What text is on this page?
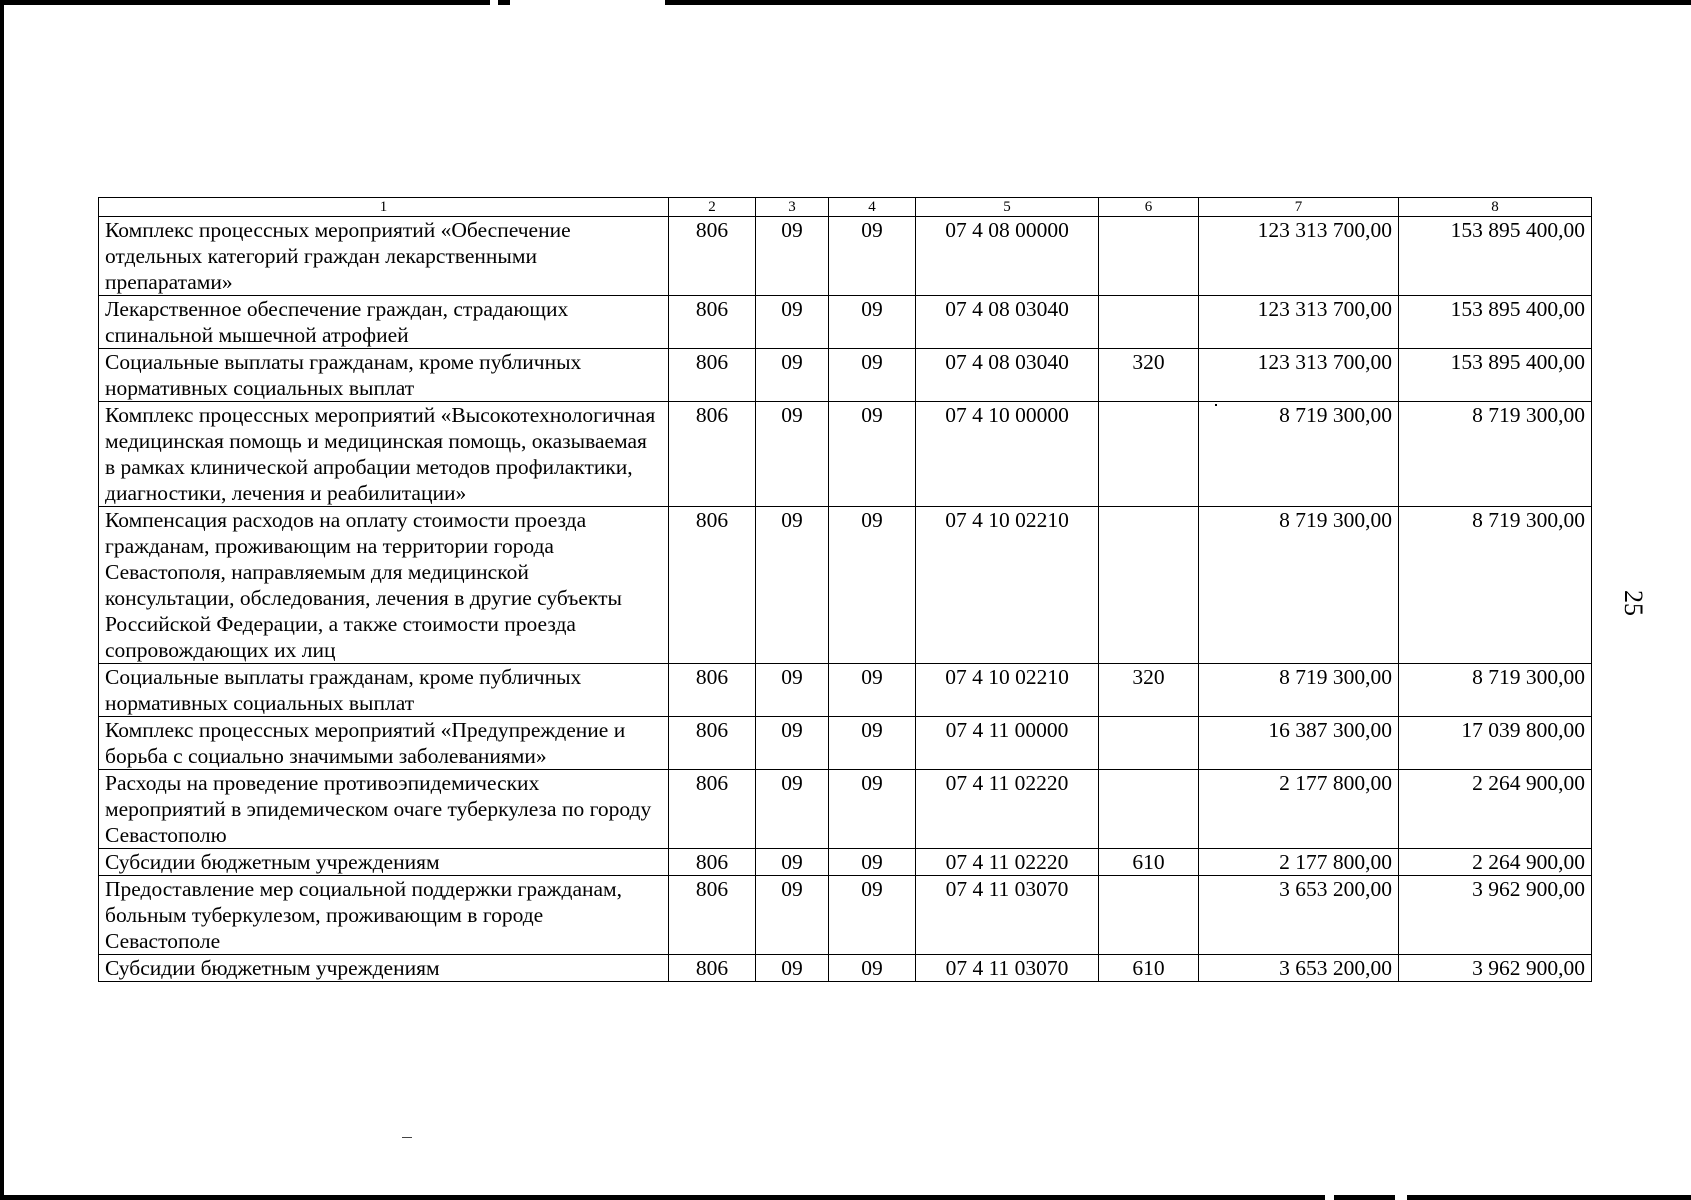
1	2	3	4	5	6	7	8
Комплекс процессных мероприятий «Обеспечение отдельных категорий граждан лекарственными препаратами»	806	09	09	07 4 08 00000		123 313 700,00	153 895 400,00
Лекарственное обеспечение граждан, страдающих спинальной мышечной атрофией	806	09	09	07 4 08 03040		123 313 700,00	153 895 400,00
Социальные выплаты гражданам, кроме публичных нормативных социальных выплат	806	09	09	07 4 08 03040	320	123 313 700,00	153 895 400,00
Комплекс процессных мероприятий «Высокотехнологичная медицинская помощь и медицинская помощь, оказываемая в рамках клинической апробации методов профилактики, диагностики, лечения и реабилитации»	806	09	09	07 4 10 00000		8 719 300,00	8 719 300,00
Компенсация расходов на оплату стоимости проезда гражданам, проживающим на территории города Севастополя, направляемым для медицинской консультации, обследования, лечения в другие субъекты Российской Федерации, а также стоимости проезда сопровождающих их лиц	806	09	09	07 4 10 02210		8 719 300,00	8 719 300,00
Социальные выплаты гражданам, кроме публичных нормативных социальных выплат	806	09	09	07 4 10 02210	320	8 719 300,00	8 719 300,00
Комплекс процессных мероприятий «Предупреждение и борьба с социально значимыми заболеваниями»	806	09	09	07 4 11 00000		16 387 300,00	17 039 800,00
Расходы на проведение противоэпидемических мероприятий в эпидемическом очаге туберкулеза по городу Севастополю	806	09	09	07 4 11 02220		2 177 800,00	2 264 900,00
Субсидии бюджетным учреждениям	806	09	09	07 4 11 02220	610	2 177 800,00	2 264 900,00
Предоставление мер социальной поддержки гражданам, больным туберкулезом, проживающим в городе Севастополе	806	09	09	07 4 11 03070		3 653 200,00	3 962 900,00
Субсидии бюджетным учреждениям	806	09	09	07 4 11 03070	610	3 653 200,00	3 962 900,00
25
